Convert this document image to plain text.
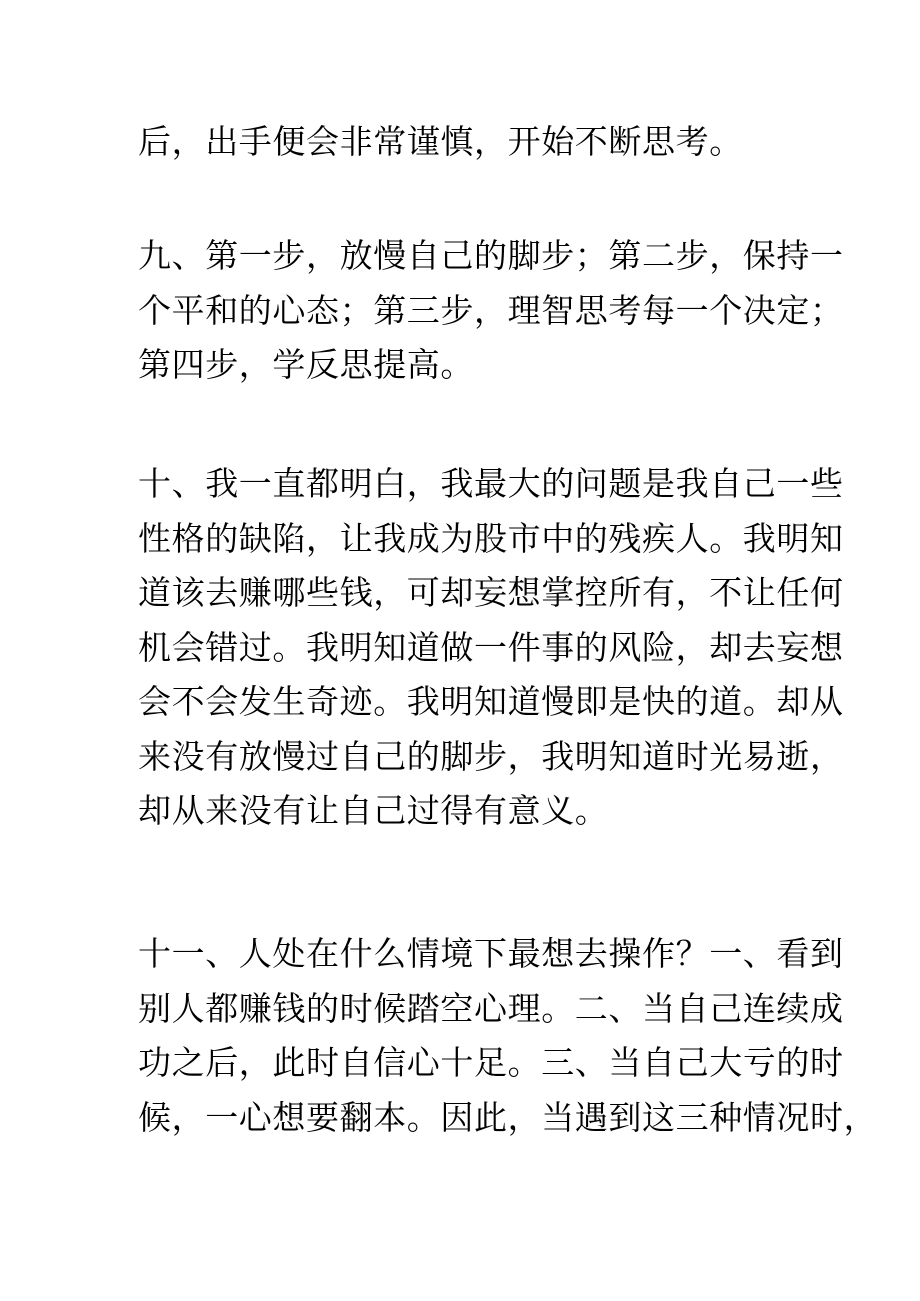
后，出手便会非常谨慎，开始不断思考。

九、第一步，放慢自己的脚步；第二步，保持一
个平和的心态；第三步，理智思考每一个决定；
第四步，学反思提高。

十、我一直都明白，我最大的问题是我自己一些
性格的缺陷，让我成为股市中的残疾人。我明知
道该去赚哪些钱，可却妄想掌控所有，不让任何
机会错过。我明知道做一件事的风险，却去妄想
会不会发生奇迹。我明知道慢即是快的道。却从
来没有放慢过自己的脚步，我明知道时光易逝，
却从来没有让自己过得有意义。

十一、人处在什么情境下最想去操作？一、看到
别人都赚钱的时候踏空心理。二、当自己连续成
功之后，此时自信心十足。三、当自己大亏的时
候，一心想要翻本。因此，当遇到这三种情况时，
